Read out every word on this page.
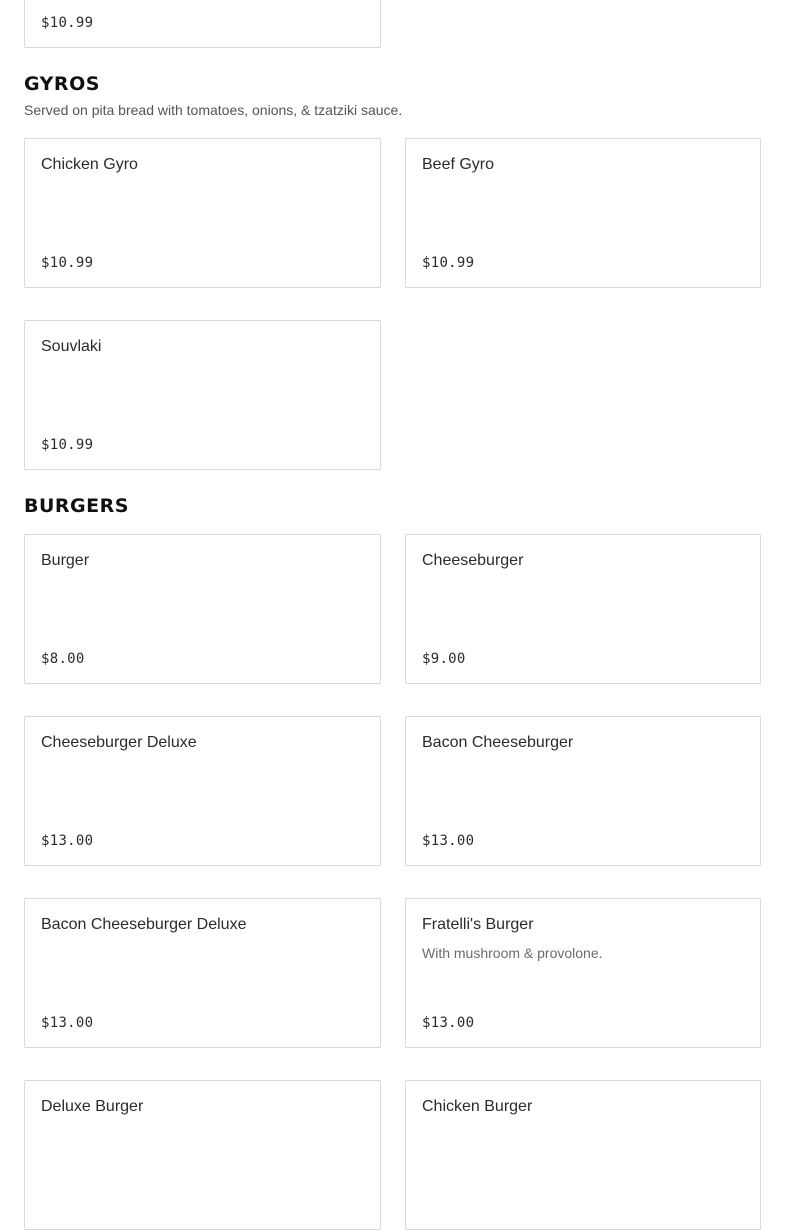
$10.99
GYROS

Served on pita bread with tomatoes, onions, & tzatziki sauce.

Chicken Gyro
$10.99
Beef Gyro
$10.99
Souvlaki
$10.99
BURGERS
Burger
$8.00
Cheeseburger
$9.00
Cheeseburger Deluxe
$13.00
Bacon Cheeseburger
$13.00
Bacon Cheeseburger Deluxe
$13.00
Fratelli's Burger
With mushroom & provolone.
$13.00
Deluxe Burger	Chicken Burger
